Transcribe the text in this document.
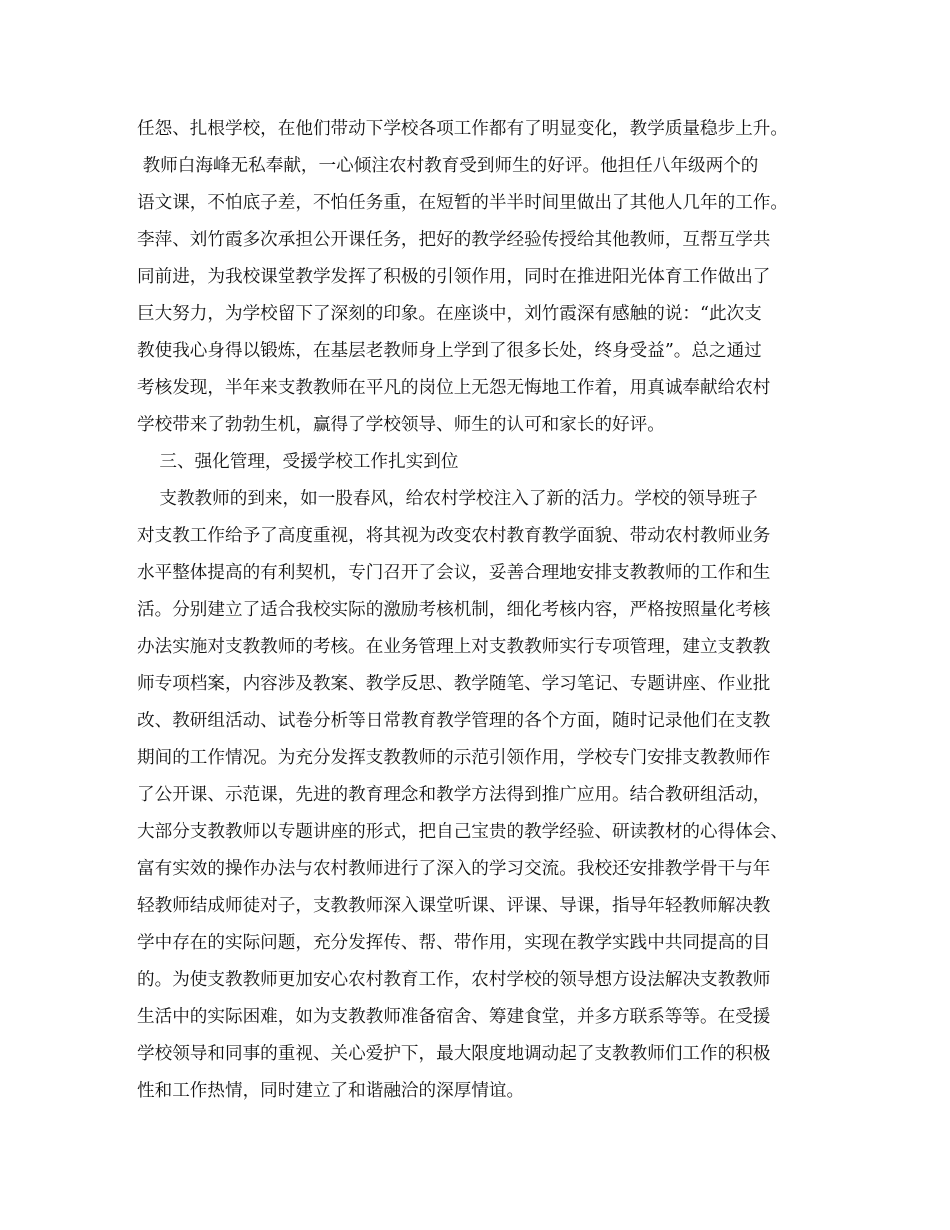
任怨、扎根学校，在他们带动下学校各项工作都有了明显变化，教学质量稳步上升。
教师白海峰无私奉献，一心倾注农村教育受到师生的好评。他担任八年级两个的
语文课，不怕底子差，不怕任务重，在短暂的半半时间里做出了其他人几年的工作。
李萍、刘竹霞多次承担公开课任务，把好的教学经验传授给其他教师，互帮互学共
同前进，为我校课堂教学发挥了积极的引领作用，同时在推进阳光体育工作做出了
巨大努力，为学校留下了深刻的印象。在座谈中，刘竹霞深有感触的说：“此次支
教使我心身得以锻炼，在基层老教师身上学到了很多长处，终身受益”。总之通过
考核发现，半年来支教教师在平凡的岗位上无怨无悔地工作着，用真诚奉献给农村
学校带来了勃勃生机，赢得了学校领导、师生的认可和家长的好评。
三、强化管理，受援学校工作扎实到位
支教教师的到来，如一股春风，给农村学校注入了新的活力。学校的领导班子
对支教工作给予了高度重视，将其视为改变农村教育教学面貌、带动农村教师业务
水平整体提高的有利契机，专门召开了会议，妥善合理地安排支教教师的工作和生
活。分别建立了适合我校实际的激励考核机制，细化考核内容，严格按照量化考核
办法实施对支教教师的考核。在业务管理上对支教教师实行专项管理，建立支教教
师专项档案，内容涉及教案、教学反思、教学随笔、学习笔记、专题讲座、作业批
改、教研组活动、试卷分析等日常教育教学管理的各个方面，随时记录他们在支教
期间的工作情况。为充分发挥支教教师的示范引领作用，学校专门安排支教教师作
了公开课、示范课，先进的教育理念和教学方法得到推广应用。结合教研组活动，
大部分支教教师以专题讲座的形式，把自己宝贵的教学经验、研读教材的心得体会、
富有实效的操作办法与农村教师进行了深入的学习交流。我校还安排教学骨干与年
轻教师结成师徒对子，支教教师深入课堂听课、评课、导课，指导年轻教师解决教
学中存在的实际问题，充分发挥传、帮、带作用，实现在教学实践中共同提高的目
的。为使支教教师更加安心农村教育工作，农村学校的领导想方设法解决支教教师
生活中的实际困难，如为支教教师准备宿舍、筹建食堂，并多方联系等等。在受援
学校领导和同事的重视、关心爱护下，最大限度地调动起了支教教师们工作的积极
性和工作热情，同时建立了和谐融洽的深厚情谊。
